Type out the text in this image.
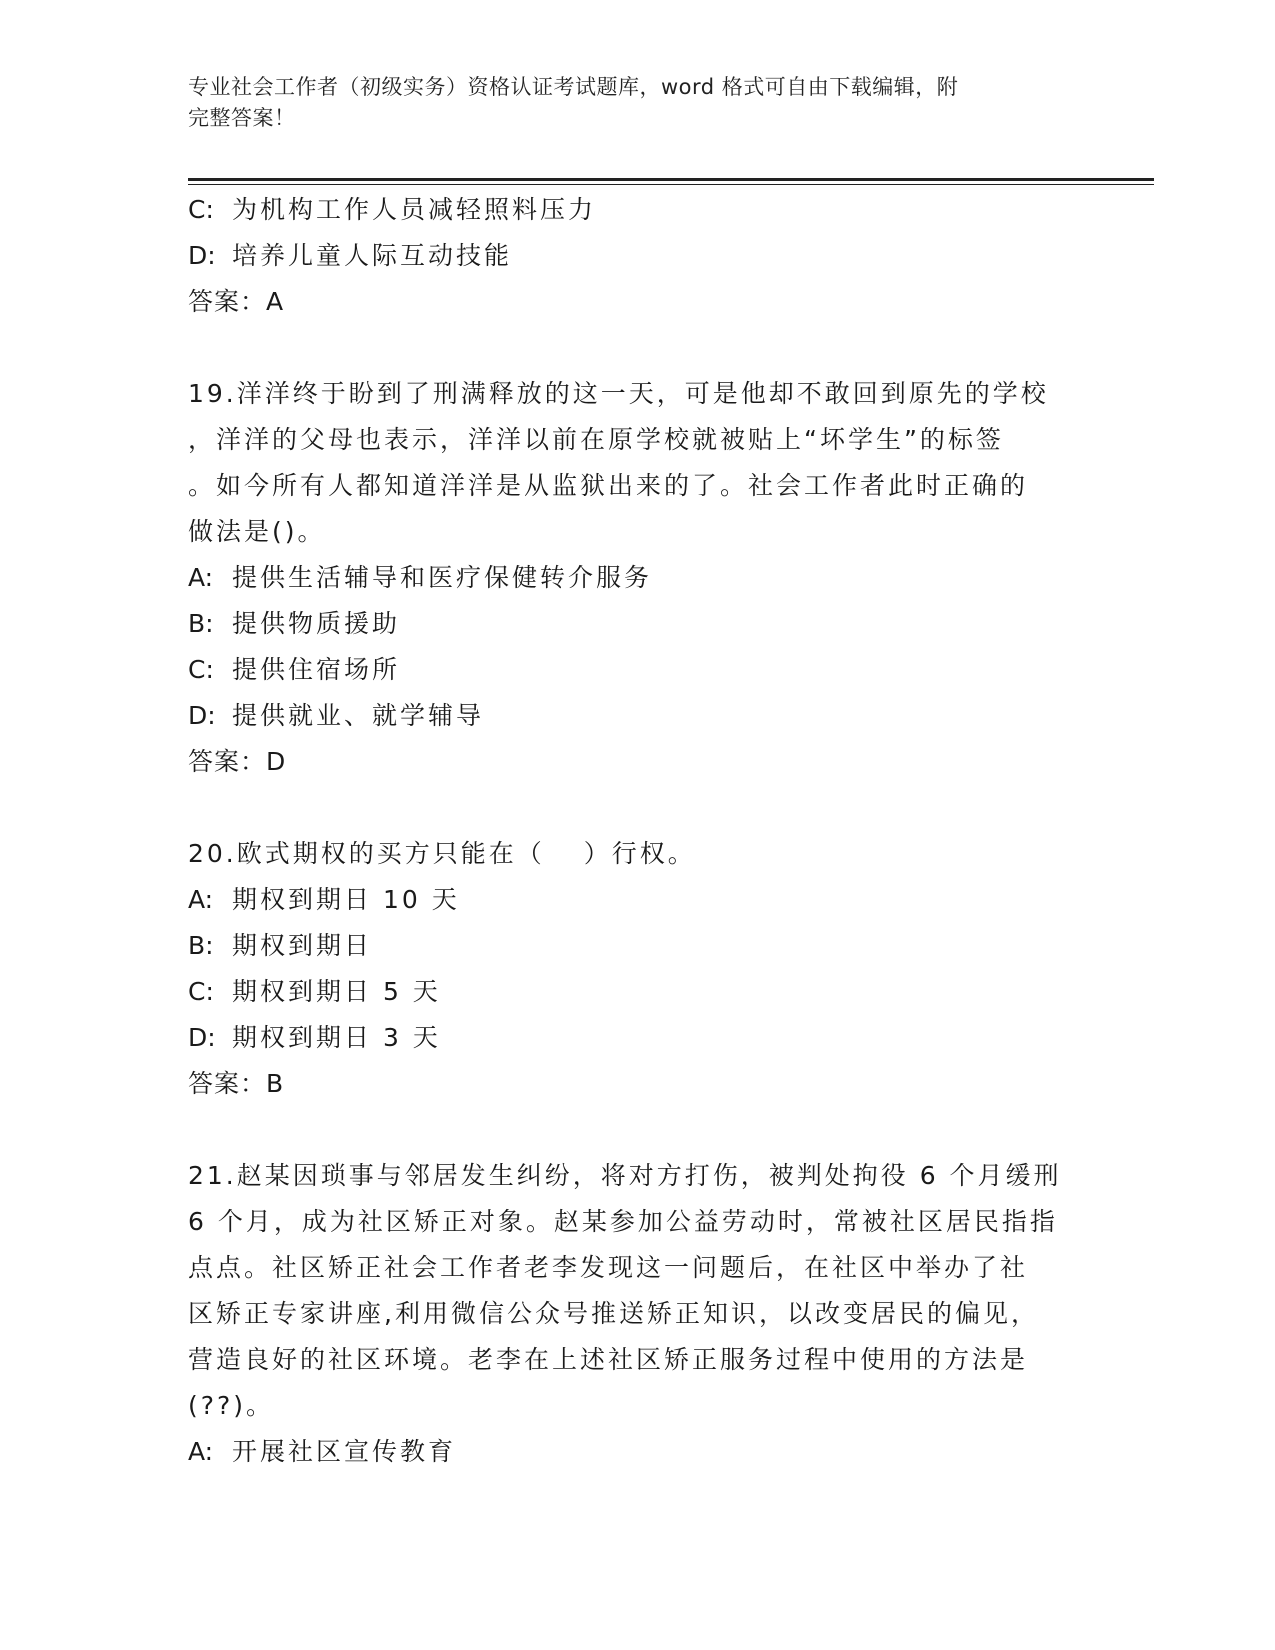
专业社会工作者（初级实务）资格认证考试题库，word 格式可自由下载编辑，附
完整答案！
C: 为机构工作人员减轻照料压力
D: 培养儿童人际互动技能
答案：A
19.洋洋终于盼到了刑满释放的这一天，可是他却不敢回到原先的学校
，洋洋的父母也表示，洋洋以前在原学校就被贴上“坏学生”的标签
。如今所有人都知道洋洋是从监狱出来的了。社会工作者此时正确的
做法是()。
A: 提供生活辅导和医疗保健转介服务
B: 提供物质援助
C: 提供住宿场所
D: 提供就业、就学辅导
答案：D
20.欧式期权的买方只能在（　 ）行权。
A: 期权到期日 10 天
B: 期权到期日
C: 期权到期日 5 天
D: 期权到期日 3 天
答案：B
21.赵某因琐事与邻居发生纠纷，将对方打伤，被判处拘役 6 个月缓刑
6 个月，成为社区矫正对象。赵某参加公益劳动时，常被社区居民指指
点点。社区矫正社会工作者老李发现这一问题后，在社区中举办了社
区矫正专家讲座,利用微信公众号推送矫正知识，以改变居民的偏见，
营造良好的社区环境。老李在上述社区矫正服务过程中使用的方法是
(??)。
A: 开展社区宣传教育
